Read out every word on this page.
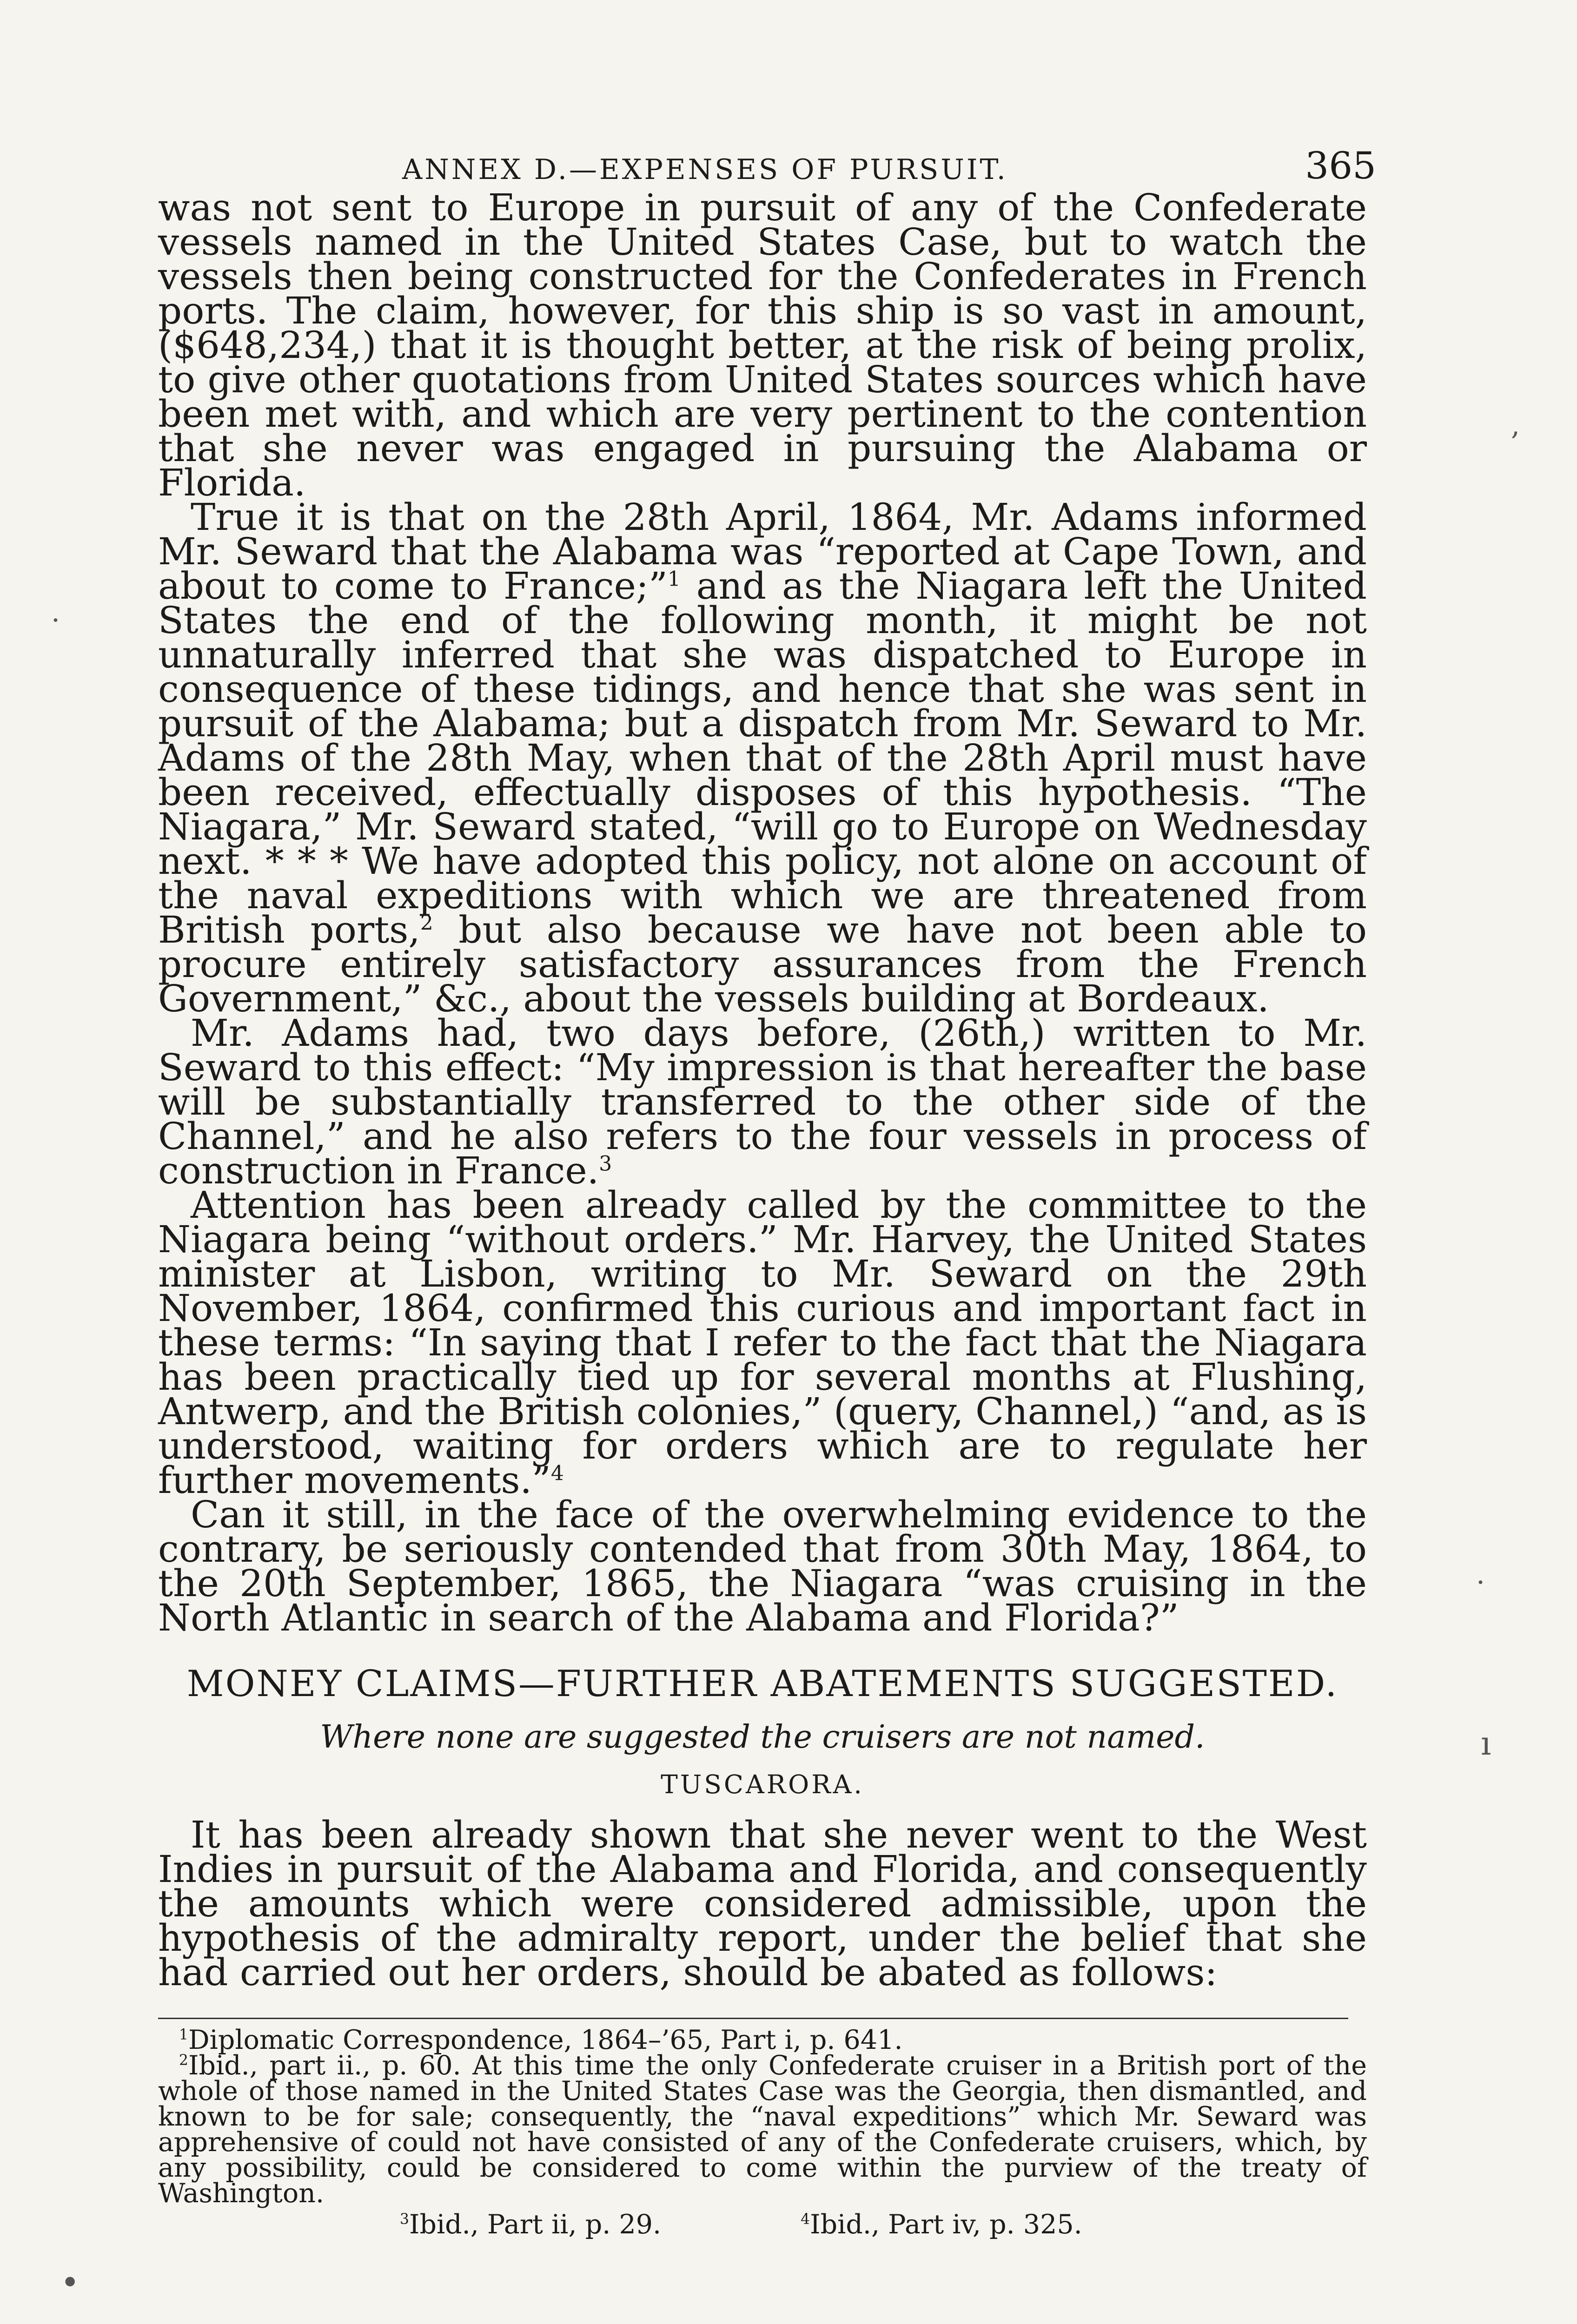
ANNEX D.—EXPENSES OF PURSUIT.	365

was not sent to Europe in pursuit of any of the Confederate vessels named in the United States Case, but to watch the vessels then being constructed for the Confederates in French ports. The claim, however, for this ship is so vast in amount, ($648,234,) that it is thought better, at the risk of being prolix, to give other quotations from United States sources which have been met with, and which are very pertinent to the contention that she never was engaged in pursuing the Alabama or Florida.

True it is that on the 28th April, 1864, Mr. Adams informed Mr. Seward that the Alabama was “reported at Cape Town, and about to come to France;”$^1$ and as the Niagara left the United States the end of the following month, it might be not unnaturally inferred that she was dispatched to Europe in consequence of these tidings, and hence that she was sent in pursuit of the Alabama; but a dispatch from Mr. Seward to Mr. Adams of the 28th May, when that of the 28th April must have been received, effectually disposes of this hypothesis. “The Niagara,” Mr. Seward stated, “will go to Europe on Wednesday next. * * * We have adopted this policy, not alone on account of the naval expeditions with which we are threatened from British ports,$^2$ but also because we have not been able to procure entirely satisfactory assurances from the French Government,” &c., about the vessels building at Bordeaux.

Mr. Adams had, two days before, (26th,) written to Mr. Seward to this effect: “My impression is that hereafter the base will be substantially transferred to the other side of the Channel,” and he also refers to the four vessels in process of construction in France.$^3$

Attention has been already called by the committee to the Niagara being “without orders.” Mr. Harvey, the United States minister at Lisbon, writing to Mr. Seward on the 29th November, 1864, confirmed this curious and important fact in these terms: “In saying that I refer to the fact that the Niagara has been practically tied up for several months at Flushing, Antwerp, and the British colonies,” (query, Channel,) “and, as is understood, waiting for orders which are to regulate her further movements.”$^4$

Can it still, in the face of the overwhelming evidence to the contrary, be seriously contended that from 30th May, 1864, to the 20th September, 1865, the Niagara “was cruising in the North Atlantic in search of the Alabama and Florida?”

MONEY CLAIMS—FURTHER ABATEMENTS SUGGESTED.
Where none are suggested the cruisers are not named.
TUSCARORA.

It has been already shown that she never went to the West Indies in pursuit of the Alabama and Florida, and consequently the amounts which were considered admissible, upon the hypothesis of the admiralty report, under the belief that she had carried out her orders, should be abated as follows:

$^1$Diplomatic Correspondence, 1864–’65, Part i, p. 641.

$^2$Ibid., part ii., p. 60. At this time the only Confederate cruiser in a British port of the whole of those named in the United States Case was the Georgia, then dismantled, and known to be for sale; consequently, the “naval expeditions” which Mr. Seward was apprehensive of could not have consisted of any of the Confederate cruisers, which, by any possibility, could be considered to come within the purview of the treaty of Washington.

$^3$Ibid., Part ii, p. 29.	$^4$Ibid., Part iv, p. 325.

,
·
ı
•
·
